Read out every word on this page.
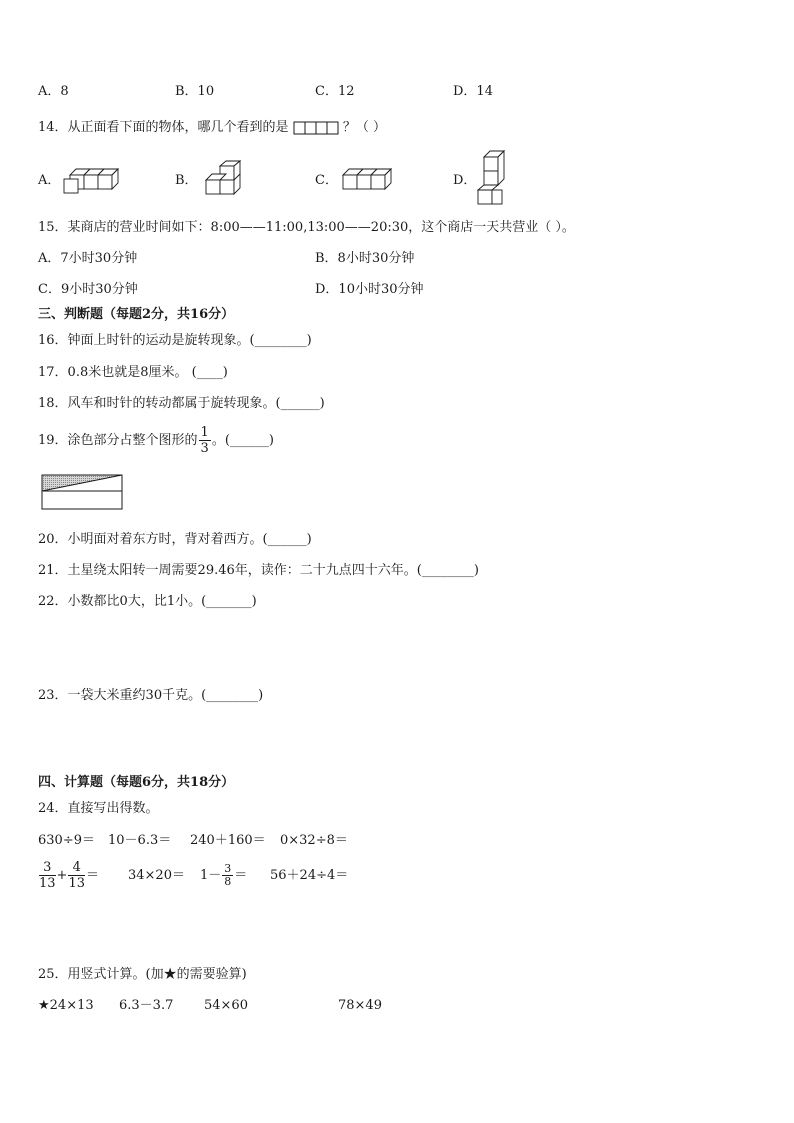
A．8	B．10	C．12	D．14
14．从正面看下面的物体，哪几个看到的是	？（ ）
A．	B．	C．	D．
15．某商店的营业时间如下：8:00——11:00,13:00——20:30，这个商店一天共营业（ ）。
A．7小时30分钟	B．8小时30分钟
C．9小时30分钟	D．10小时30分钟
三、判断题（每题2分，共16分）
16．钟面上时针的运动是旋转现象。(________)
17．0.8米也就是8厘米。 (____)
18．风车和时针的转动都属于旋转现象。(______)
19．涂色部分占整个图形的 $\frac{1}{3}$ 。(______)
20．小明面对着东方时，背对着西方。(______)
21．土星绕太阳转一周需要29.46年，读作：二十九点四十六年。(________)
22．小数都比0大，比1小。(_______)
23．一袋大米重约30千克。(________)
四、计算题（每题6分，共18分）
24．直接写出得数。
630÷9＝ 10－6.3＝ 240＋160＝ 0×32÷8＝
$\frac{3}{13} + \frac{4}{13} = 34\times 20= 1- \frac{3}{8} = 56+24\div 4=$
25．用竖式计算。(加★的需要验算)
★24×13 6.3－3.7 54×60	78×49
